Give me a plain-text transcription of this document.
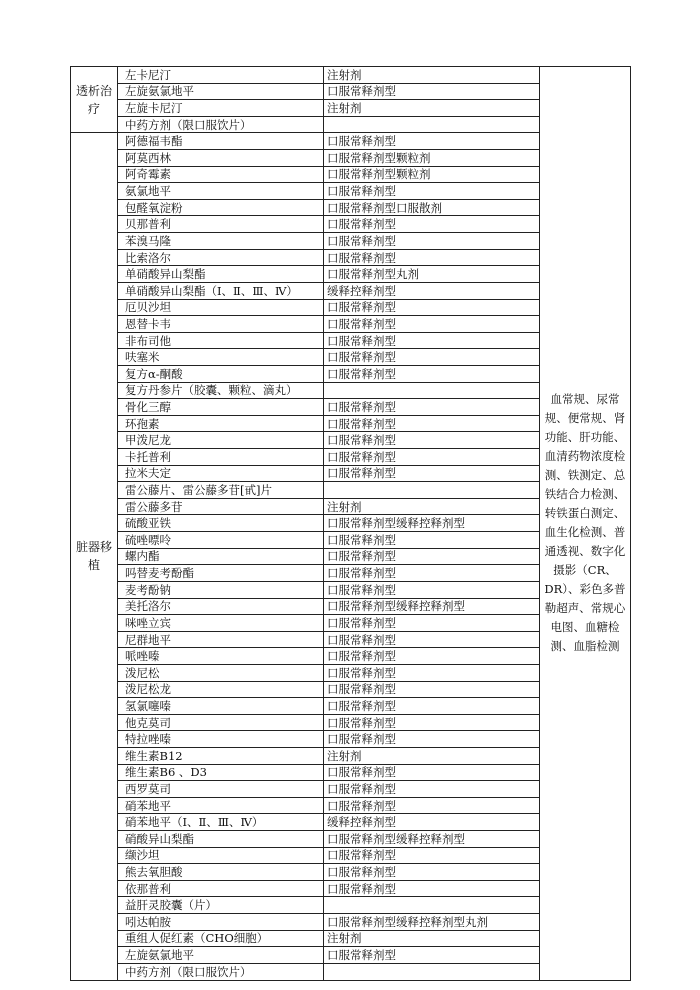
透析治疗	左卡尼汀	注射剂	血常规、尿常规、便常规、肾功能、肝功能、血清药物浓度检测、铁测定、总铁结合力检测、转铁蛋白测定、血生化检测、普通透视、数字化摄影（CR、DR）、彩色多普勒超声、常规心电图、血糖检测、血脂检测
	左旋氨氯地平	口服常释剂型	
	左旋卡尼汀	注射剂	
	中药方剂（限口服饮片）		
脏器移植	阿德福韦酯	口服常释剂型	
	阿莫西林	口服常释剂型颗粒剂	
	阿奇霉素	口服常释剂型颗粒剂	
	氨氯地平	口服常释剂型	
	包醛氧淀粉	口服常释剂型口服散剂	
	贝那普利	口服常释剂型	
	苯溴马隆	口服常释剂型	
	比索洛尔	口服常释剂型	
	单硝酸异山梨酯	口服常释剂型丸剂	
	单硝酸异山梨酯（Ⅰ、Ⅱ、Ⅲ、Ⅳ）	缓释控释剂型	
	厄贝沙坦	口服常释剂型	
	恩替卡韦	口服常释剂型	
	非布司他	口服常释剂型	
	呋塞米	口服常释剂型	
	复方α-酮酸	口服常释剂型	
	复方丹参片（胶囊、颗粒、滴丸）		
	骨化三醇	口服常释剂型	
	环孢素	口服常释剂型	
	甲泼尼龙	口服常释剂型	
	卡托普利	口服常释剂型	
	拉米夫定	口服常释剂型	
	雷公藤片、雷公藤多苷[甙]片		
	雷公藤多苷	注射剂	
	硫酸亚铁	口服常释剂型缓释控释剂型	
	硫唑嘌呤	口服常释剂型	
	螺内酯	口服常释剂型	
	吗替麦考酚酯	口服常释剂型	
	麦考酚钠	口服常释剂型	
	美托洛尔	口服常释剂型缓释控释剂型	
	咪唑立宾	口服常释剂型	
	尼群地平	口服常释剂型	
	哌唑嗪	口服常释剂型	
	泼尼松	口服常释剂型	
	泼尼松龙	口服常释剂型	
	氢氯噻嗪	口服常释剂型	
	他克莫司	口服常释剂型	
	特拉唑嗪	口服常释剂型	
	维生素B12	注射剂	
	维生素B6 、D3	口服常释剂型	
	西罗莫司	口服常释剂型	
	硝苯地平	口服常释剂型	
	硝苯地平（Ⅰ、Ⅱ、Ⅲ、Ⅳ）	缓释控释剂型	
	硝酸异山梨酯	口服常释剂型缓释控释剂型	
	缬沙坦	口服常释剂型	
	熊去氧胆酸	口服常释剂型	
	依那普利	口服常释剂型	
	益肝灵胶囊（片）		
	吲达帕胺	口服常释剂型缓释控释剂型丸剂	
	重组人促红素（CHO细胞）	注射剂	
	左旋氨氯地平	口服常释剂型	
	中药方剂（限口服饮片）		
